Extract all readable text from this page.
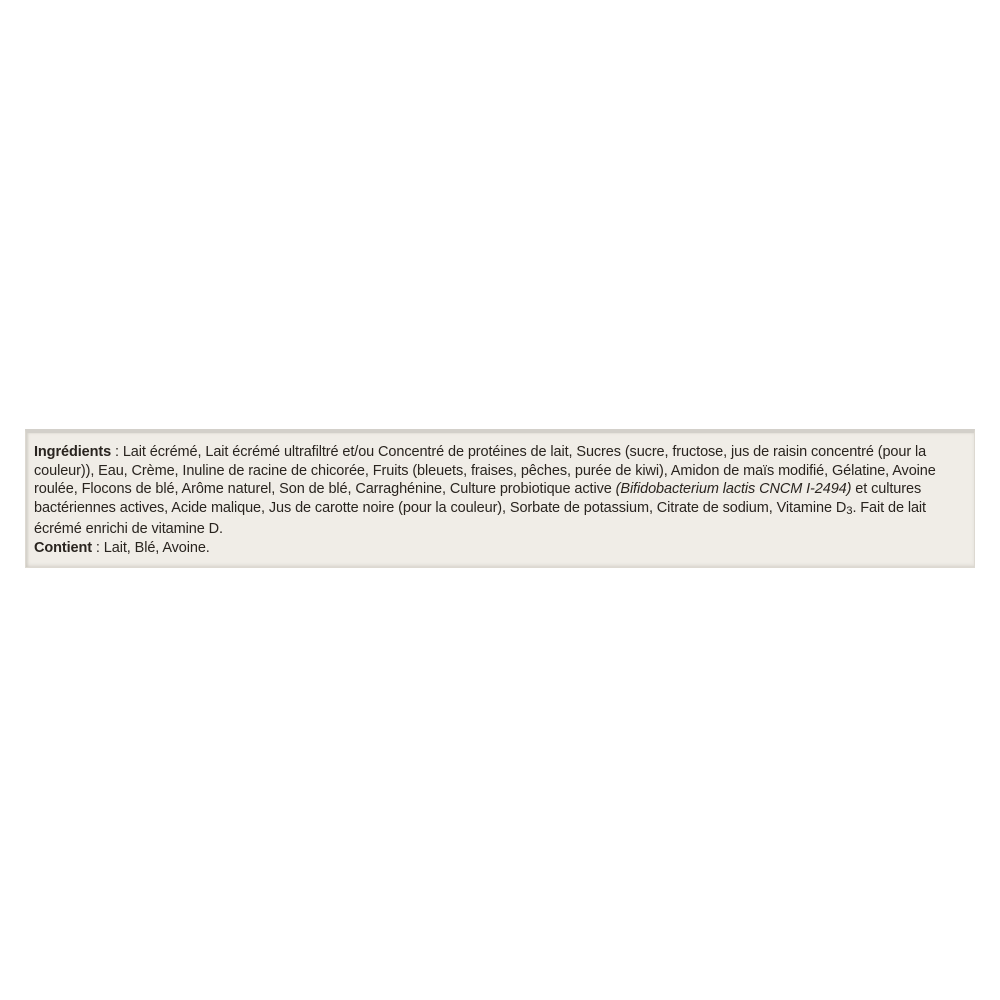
Ingrédients : Lait écrémé, Lait écrémé ultrafiltré et/ou Concentré de protéines de lait, Sucres (sucre, fructose, jus de raisin concentré (pour la couleur)), Eau, Crème, Inuline de racine de chicorée, Fruits (bleuets, fraises, pêches, purée de kiwi), Amidon de maïs modifié, Gélatine, Avoine roulée, Flocons de blé, Arôme naturel, Son de blé, Carraghénine, Culture probiotique active (Bifidobacterium lactis CNCM I-2494) et cultures bactériennes actives, Acide malique, Jus de carotte noire (pour la couleur), Sorbate de potassium, Citrate de sodium, Vitamine D3. Fait de lait écrémé enrichi de vitamine D.

Contient : Lait, Blé, Avoine.
